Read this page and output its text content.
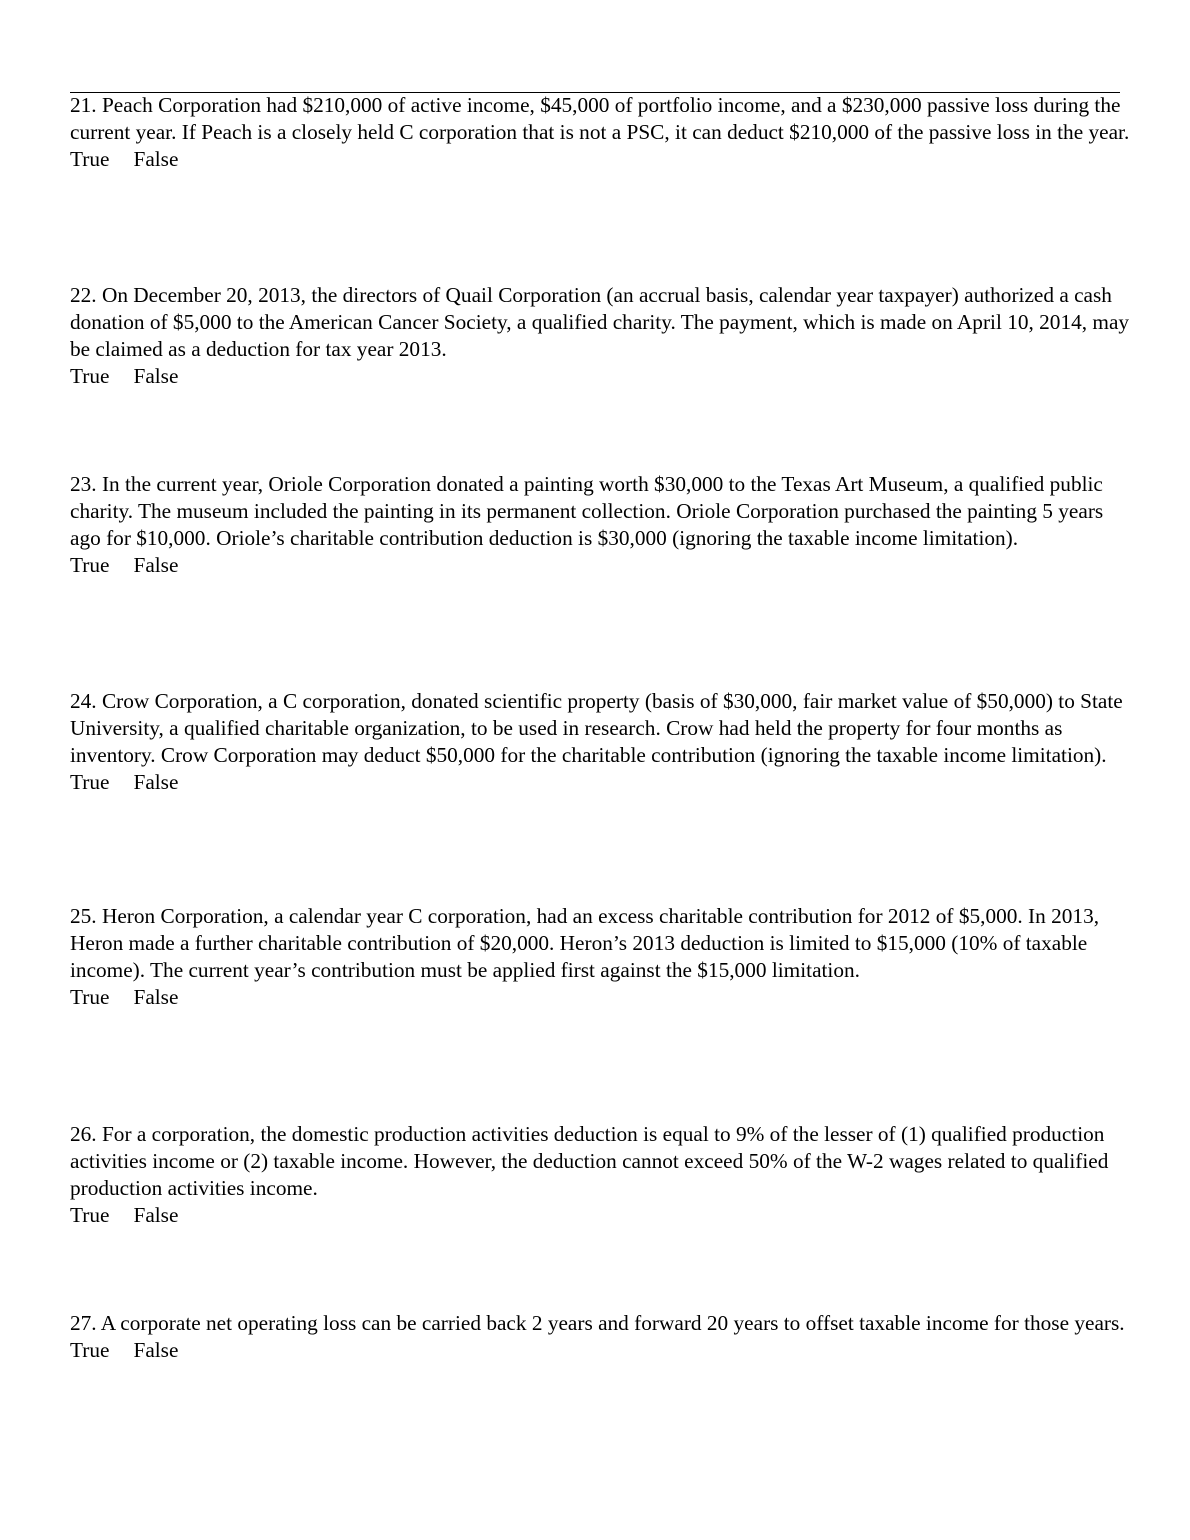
21. Peach Corporation had $210,000 of active income, $45,000 of portfolio income, and a $230,000 passive loss during the current year. If Peach is a closely held C corporation that is not a PSC, it can deduct $210,000 of the passive loss in the year.
True False
22. On December 20, 2013, the directors of Quail Corporation (an accrual basis, calendar year taxpayer) authorized a cash donation of $5,000 to the American Cancer Society, a qualified charity. The payment, which is made on April 10, 2014, may be claimed as a deduction for tax year 2013.
True False
23. In the current year, Oriole Corporation donated a painting worth $30,000 to the Texas Art Museum, a qualified public charity. The museum included the painting in its permanent collection. Oriole Corporation purchased the painting 5 years ago for $10,000. Oriole’s charitable contribution deduction is $30,000 (ignoring the taxable income limitation).
True False
24. Crow Corporation, a C corporation, donated scientific property (basis of $30,000, fair market value of $50,000) to State University, a qualified charitable organization, to be used in research. Crow had held the property for four months as inventory. Crow Corporation may deduct $50,000 for the charitable contribution (ignoring the taxable income limitation).
True False
25. Heron Corporation, a calendar year C corporation, had an excess charitable contribution for 2012 of $5,000. In 2013, Heron made a further charitable contribution of $20,000. Heron’s 2013 deduction is limited to $15,000 (10% of taxable income). The current year’s contribution must be applied first against the $15,000 limitation.
True False
26. For a corporation, the domestic production activities deduction is equal to 9% of the lesser of (1) qualified production activities income or (2) taxable income. However, the deduction cannot exceed 50% of the W-2 wages related to qualified production activities income.
True False
27. A corporate net operating loss can be carried back 2 years and forward 20 years to offset taxable income for those years.
True False
